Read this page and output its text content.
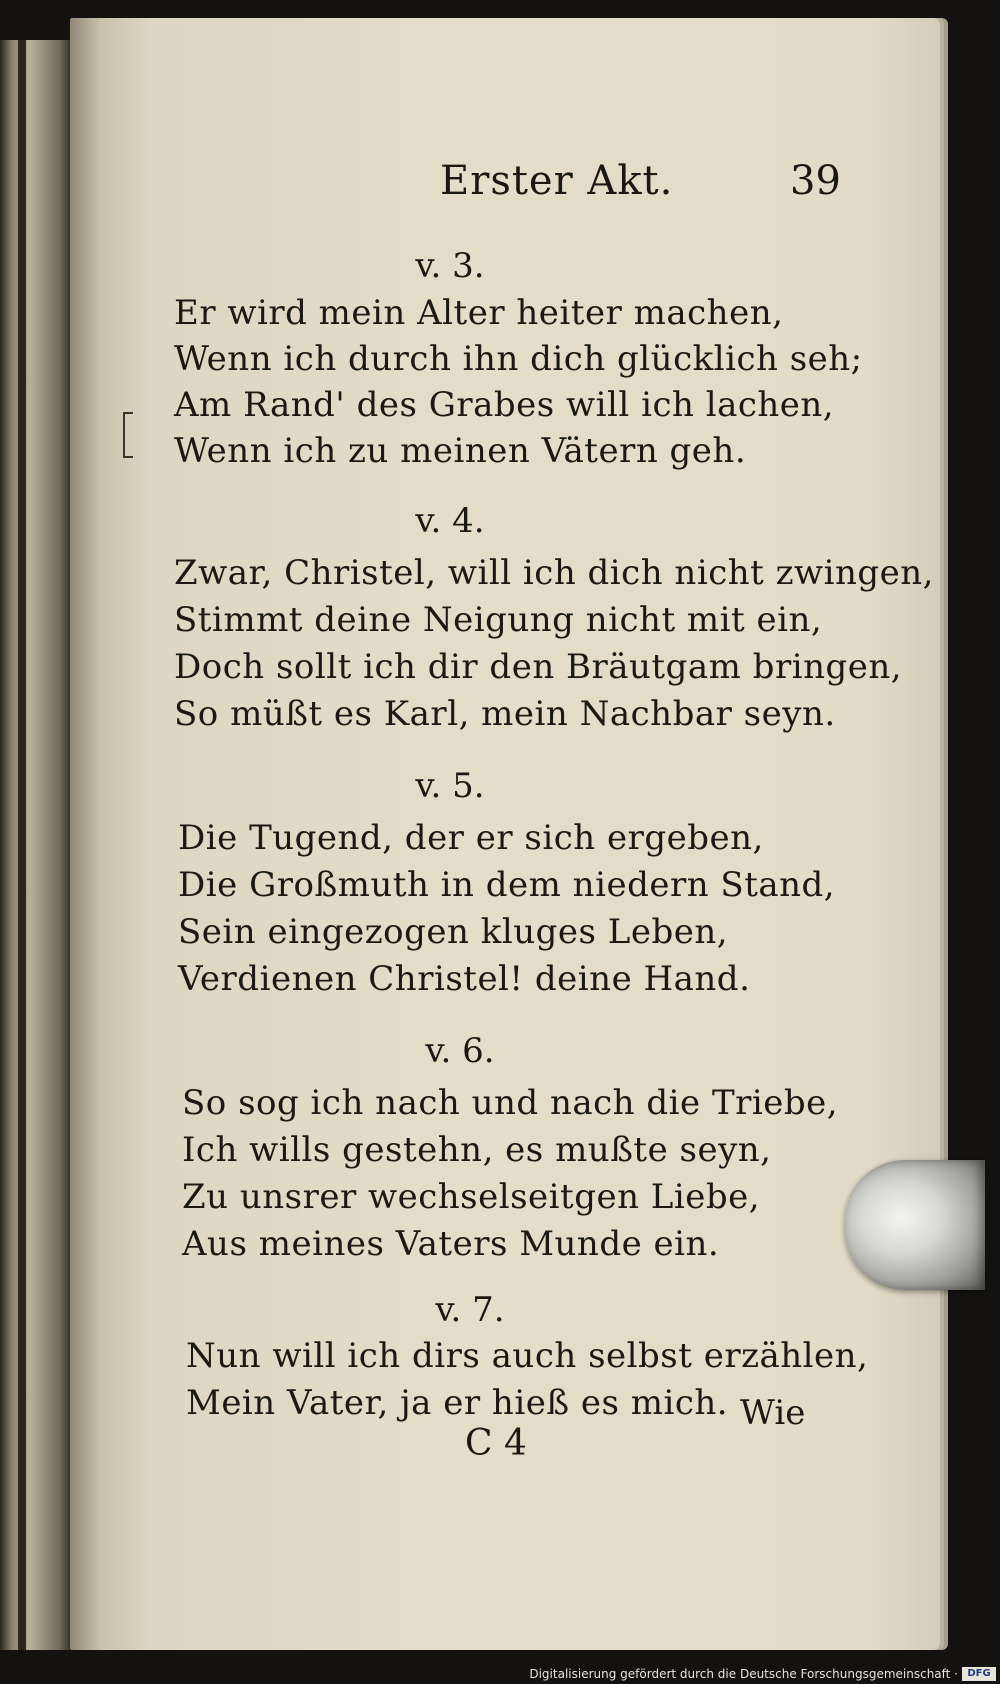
Erster Akt.	39
v. 3.
Er wird mein Alter heiter machen,
Wenn ich durch ihn dich glücklich seh;
Am Rand' des Grabes will ich lachen,
Wenn ich zu meinen Vätern geh.
v. 4.
Zwar, Christel, will ich dich nicht zwingen,
Stimmt deine Neigung nicht mit ein,
Doch sollt ich dir den Bräutgam bringen,
So müßt es Karl, mein Nachbar seyn.
v. 5.
Die Tugend, der er sich ergeben,
Die Großmuth in dem niedern Stand,
Sein eingezogen kluges Leben,
Verdienen Christel! deine Hand.
v. 6.
So sog ich nach und nach die Triebe,
Ich wills gestehn, es mußte seyn,
Zu unsrer wechselseitgen Liebe,
Aus meines Vaters Munde ein.
v. 7.
Nun will ich dirs auch selbst erzählen,
Mein Vater, ja er hieß es mich.
C 4
Wie
Digitalisierung gefördert durch die Deutsche Forschungsgemeinschaft · DFG
